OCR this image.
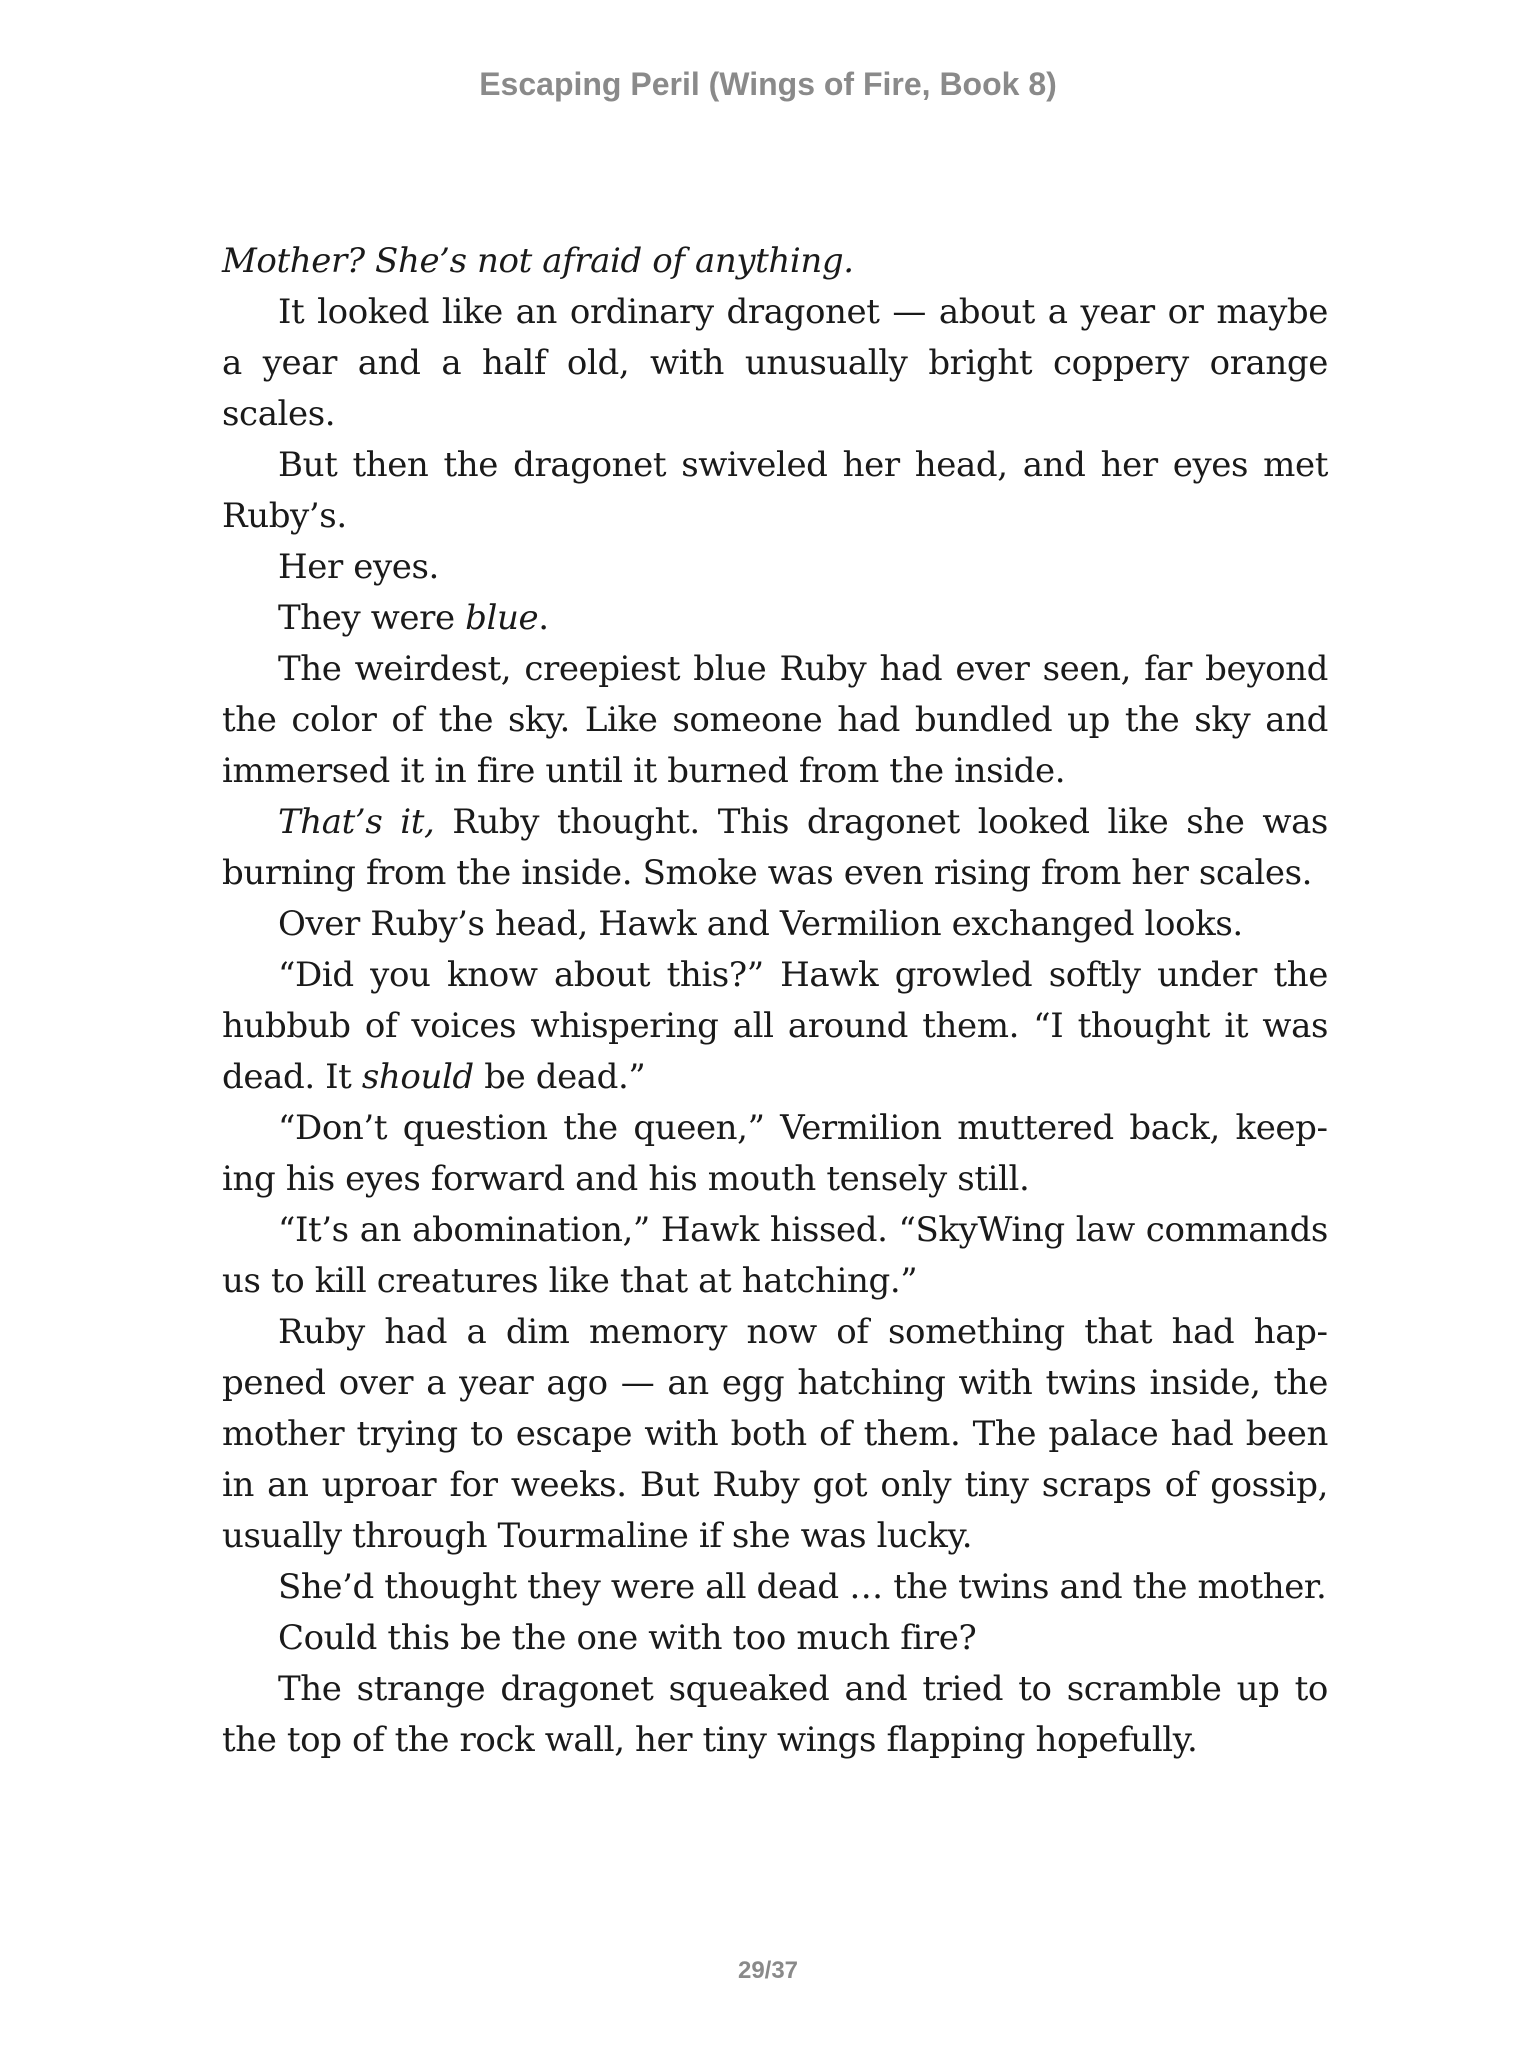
Escaping Peril (Wings of Fire, Book 8)

Mother? She’s not afraid of anything.

It looked like an ordinary dragonet — about a year or maybe a year and a half old, with unusually bright coppery orange scales.

But then the dragonet swiveled her head, and her eyes met Ruby’s.

Her eyes.

They were blue.

The weirdest, creepiest blue Ruby had ever seen, far beyond the color of the sky. Like someone had bundled up the sky and immersed it in fire until it burned from the inside.

That’s it, Ruby thought. This dragonet looked like she was burning from the inside. Smoke was even rising from her scales.

Over Ruby’s head, Hawk and Vermilion exchanged looks.

“Did you know about this?” Hawk growled softly under the hubbub of voices whispering all around them. “I thought it was dead. It should be dead.”

“Don’t question the queen,” Vermilion muttered back, keeping his eyes forward and his mouth tensely still.

“It’s an abomination,” Hawk hissed. “SkyWing law commands us to kill creatures like that at hatching.”

Ruby had a dim memory now of something that had happened over a year ago — an egg hatching with twins inside, the mother trying to escape with both of them. The palace had been in an uproar for weeks. But Ruby got only tiny scraps of gossip, usually through Tourmaline if she was lucky.

She’d thought they were all dead … the twins and the mother.

Could this be the one with too much fire?

The strange dragonet squeaked and tried to scramble up to the top of the rock wall, her tiny wings flapping hopefully.

29/37
